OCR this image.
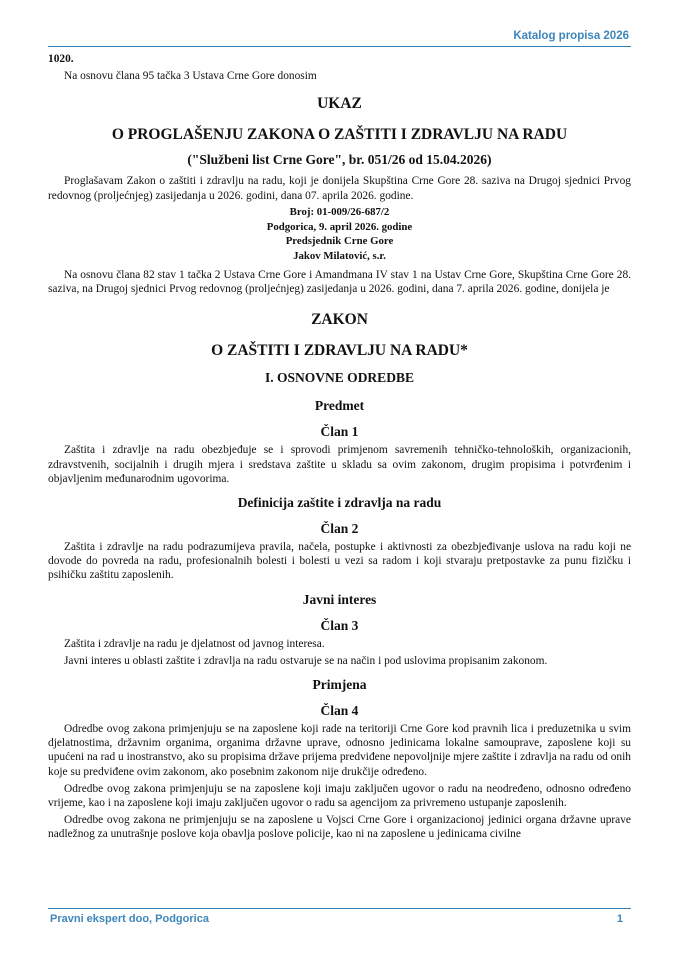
Katalog propisa 2026

1020.

Na osnovu člana 95 tačka 3 Ustava Crne Gore donosim

UKAZ

O PROGLAŠENJU ZAKONA O ZAŠTITI I ZDRAVLJU NA RADU

("Službeni list Crne Gore", br. 051/26 od 15.04.2026)

Proglašavam Zakon o zaštiti i zdravlju na radu, koji je donijela Skupština Crne Gore 28. saziva na Drugoj sjednici Prvog redovnog (proljećnjeg) zasijedanja u 2026. godini, dana 07. aprila 2026. godine.

Broj: 01-009/26-687/2

Podgorica, 9. april 2026. godine

Predsjednik Crne Gore

Jakov Milatović, s.r.

Na osnovu člana 82 stav 1 tačka 2 Ustava Crne Gore i Amandmana IV stav 1 na Ustav Crne Gore, Skupština Crne Gore 28. saziva, na Drugoj sjednici Prvog redovnog (proljećnjeg) zasijedanja u 2026. godini, dana 7. aprila 2026. godine, donijela je

ZAKON

O ZAŠTITI I ZDRAVLJU NA RADU*

I. OSNOVNE ODREDBE

Predmet

Član 1

Zaštita i zdravlje na radu obezbjeđuje se i sprovodi primjenom savremenih tehničko-tehnoloških, organizacionih, zdravstvenih, socijalnih i drugih mjera i sredstava zaštite u skladu sa ovim zakonom, drugim propisima i potvrđenim i objavljenim međunarodnim ugovorima.

Definicija zaštite i zdravlja na radu

Član 2

Zaštita i zdravlje na radu podrazumijeva pravila, načela, postupke i aktivnosti za obezbjeđivanje uslova na radu koji ne dovode do povreda na radu, profesionalnih bolesti i bolesti u vezi sa radom i koji stvaraju pretpostavke za punu fizičku i psihičku zaštitu zaposlenih.

Javni interes

Član 3

Zaštita i zdravlje na radu je djelatnost od javnog interesa.

Javni interes u oblasti zaštite i zdravlja na radu ostvaruje se na način i pod uslovima propisanim zakonom.

Primjena

Član 4

Odredbe ovog zakona primjenjuju se na zaposlene koji rade na teritoriji Crne Gore kod pravnih lica i preduzetnika u svim djelatnostima, državnim organima, organima državne uprave, odnosno jedinicama lokalne samouprave, zaposlene koji su upućeni na rad u inostranstvo, ako su propisima države prijema predviđene nepovoljnije mjere zaštite i zdravlja na radu od onih koje su predviđene ovim zakonom, ako posebnim zakonom nije drukčije određeno.

Odredbe ovog zakona primjenjuju se na zaposlene koji imaju zaključen ugovor o radu na neodređeno, odnosno određeno vrijeme, kao i na zaposlene koji imaju zaključen ugovor o radu sa agencijom za privremeno ustupanje zaposlenih.

Odredbe ovog zakona ne primjenjuju se na zaposlene u Vojsci Crne Gore i organizacionoj jedinici organa državne uprave nadležnog za unutrašnje poslove koja obavlja poslove policije, kao ni na zaposlene u jedinicama civilne

Pravni ekspert doo, Podgorica	1
